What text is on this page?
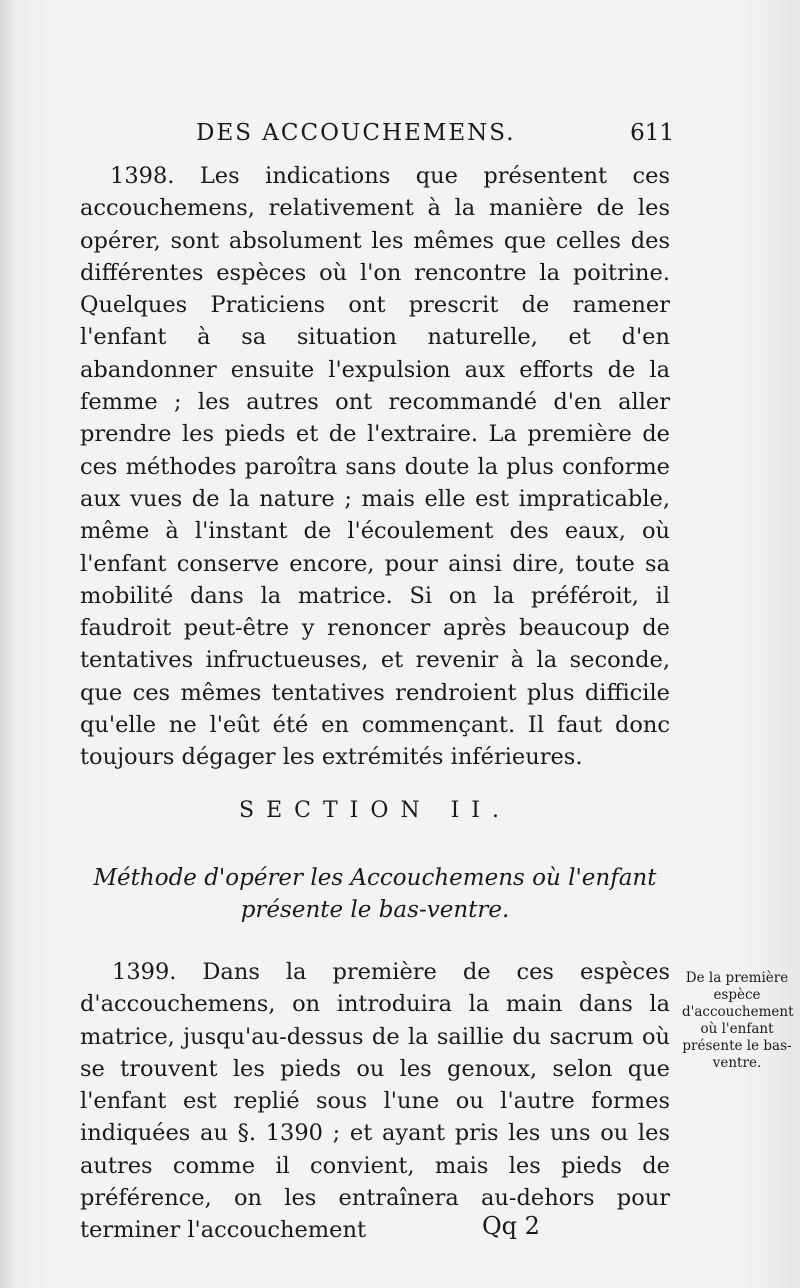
DES ACCOUCHEMENS.	611

1398. Les indications que présentent ces accouchemens, relativement à la manière de les opérer, sont absolument les mêmes que celles des différentes espèces où l'on rencontre la poitrine. Quelques Praticiens ont prescrit de ramener l'enfant à sa situation naturelle, et d'en abandonner ensuite l'expulsion aux efforts de la femme ; les autres ont recommandé d'en aller prendre les pieds et de l'extraire. La première de ces méthodes paroîtra sans doute la plus conforme aux vues de la nature ; mais elle est impraticable, même à l'instant de l'écoulement des eaux, où l'enfant conserve encore, pour ainsi dire, toute sa mobilité dans la matrice. Si on la préféroit, il faudroit peut-être y renoncer après beaucoup de tentatives infructueuses, et revenir à la seconde, que ces mêmes tentatives rendroient plus difficile qu'elle ne l'eût été en commençant. Il faut donc toujours dégager les extrémités inférieures.

SECTION II.
Méthode d'opérer les Accouchemens où l'enfant présente le bas-ventre.

1399. Dans la première de ces espèces d'accouchemens, on introduira la main dans la matrice, jusqu'au-dessus de la saillie du sacrum où se trouvent les pieds ou les genoux, selon que l'enfant est replié sous l'une ou l'autre formes indiquées au §. 1390 ; et ayant pris les uns ou les autres comme il convient, mais les pieds de préférence, on les entraînera au-dehors pour terminer l'accouchement

De la première espèce d'accouchement où l'enfant présente le bas-ventre.
Qq 2
